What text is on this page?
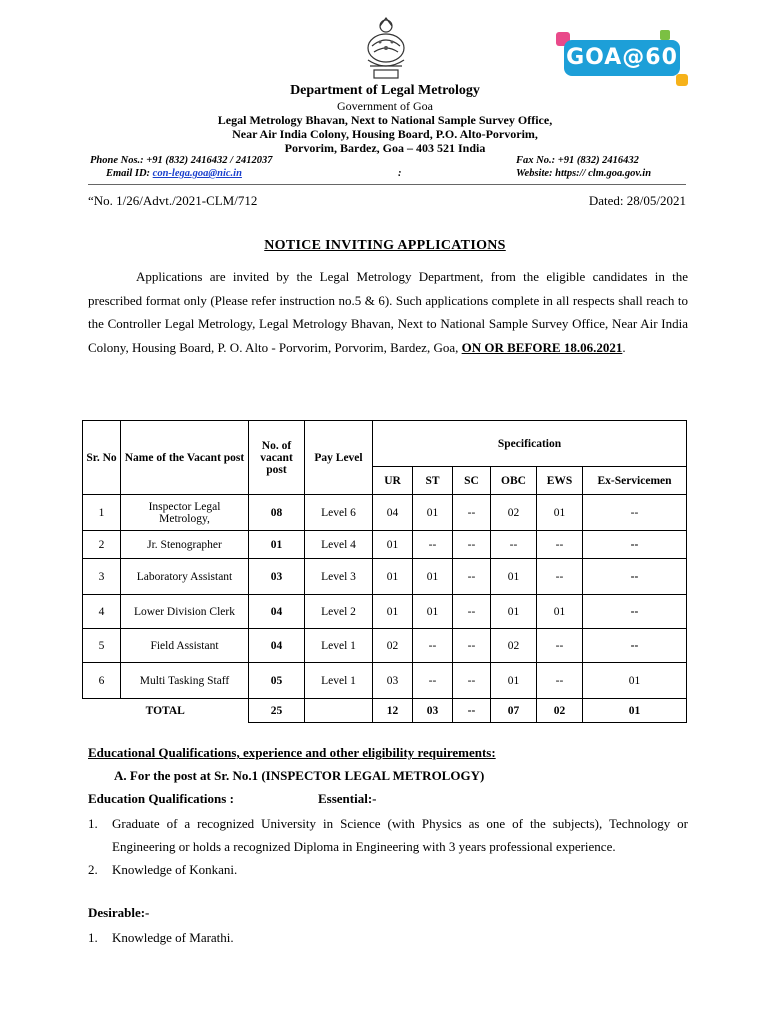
GOA@60
Department of Legal Metrology
Government of Goa
Legal Metrology Bhavan, Next to National Sample Survey Office,
Near Air India Colony, Housing Board, P.O. Alto-Porvorim,
Porvorim, Bardez, Goa – 403 521 India
Phone Nos.: +91 (832) 2416432 / 2412037	Fax No.: +91 (832) 2416432
Email ID: con-lega.goa@nic.in	:	Website: https:// clm.goa.gov.in
“No. 1/26/Advt./2021-CLM/712	Dated: 28/05/2021
NOTICE INVITING APPLICATIONS
Applications are invited by the Legal Metrology Department, from the eligible candidates in the prescribed format only (Please refer instruction no.5 & 6). Such applications complete in all respects shall reach to the Controller Legal Metrology, Legal Metrology Bhavan, Next to National Sample Survey Office, Near Air India Colony, Housing Board, P. O. Alto - Porvorim, Porvorim, Bardez, Goa, ON OR BEFORE 18.06.2021.
Sr. No	Name of the Vacant post	No. of vacant post	Pay Level	Specification					
				UR	ST	SC	OBC	EWS	Ex-Servicemen
1	Inspector Legal Metrology,	08	Level 6	04	01	--	02	01	--
2	Jr. Stenographer	01	Level 4	01	--	--	--	--	--
3	Laboratory Assistant	03	Level 3	01	01	--	01	--	--
4	Lower Division Clerk	04	Level 2	01	01	--	01	01	--
5	Field Assistant	04	Level 1	02	--	--	02	--	--
6	Multi Tasking Staff	05	Level 1	03	--	--	01	--	01
TOTAL		25		12	03	--	07	02	01
Educational Qualifications, experience and other eligibility requirements:
A. For the post at Sr. No.1 (INSPECTOR LEGAL METROLOGY)
Education Qualifications :	Essential:-
1. Graduate of a recognized University in Science (with Physics as one of the subjects), Technology or Engineering or holds a recognized Diploma in Engineering with 3 years professional experience.
2. Knowledge of Konkani.
Desirable:-
1. Knowledge of Marathi.
